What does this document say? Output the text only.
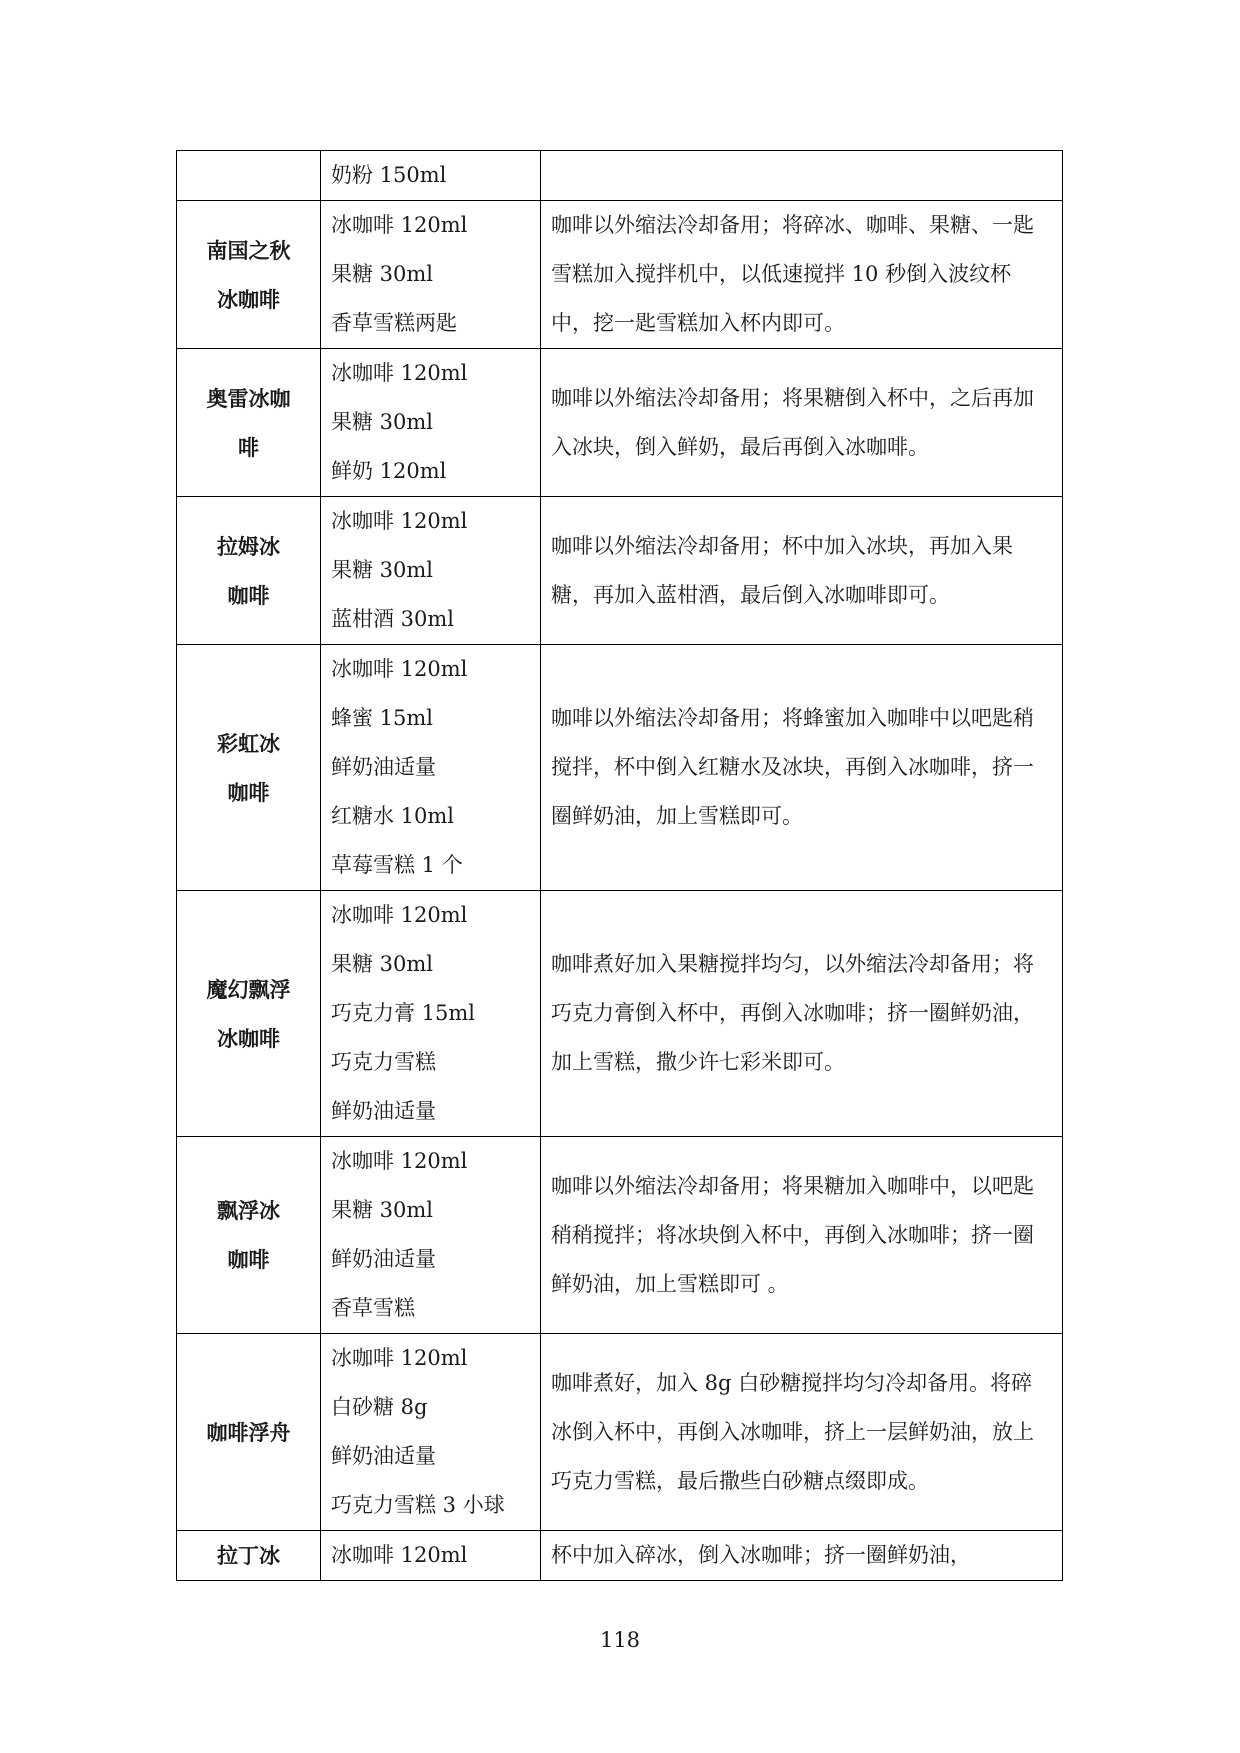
	奶粉 150ml	

南国之秋冰咖啡	冰咖啡 120ml
果糖 30ml
香草雪糕两匙	咖啡以外缩法冷却备用；将碎冰、咖啡、果糖、一匙雪糕加入搅拌机中，以低速搅拌 10 秒倒入波纹杯中，挖一匙雪糕加入杯内即可。

奥雷冰咖啡	冰咖啡 120ml
果糖 30ml
鲜奶 120ml	咖啡以外缩法冷却备用；将果糖倒入杯中，之后再加入冰块，倒入鲜奶，最后再倒入冰咖啡。

拉姆冰咖啡	冰咖啡 120ml
果糖 30ml
蓝柑酒 30ml	咖啡以外缩法冷却备用；杯中加入冰块，再加入果糖，再加入蓝柑酒，最后倒入冰咖啡即可。

彩虹冰咖啡	冰咖啡 120ml
蜂蜜 15ml
鲜奶油适量
红糖水 10ml
草莓雪糕 1 个	咖啡以外缩法冷却备用；将蜂蜜加入咖啡中以吧匙稍搅拌，杯中倒入红糖水及冰块，再倒入冰咖啡，挤一圈鲜奶油，加上雪糕即可。

魔幻飘浮冰咖啡	冰咖啡 120ml
果糖 30ml
巧克力膏 15ml
巧克力雪糕
鲜奶油适量	咖啡煮好加入果糖搅拌均匀，以外缩法冷却备用；将巧克力膏倒入杯中，再倒入冰咖啡；挤一圈鲜奶油，加上雪糕，撒少许七彩米即可。

飘浮冰咖啡	冰咖啡 120ml
果糖 30ml
鲜奶油适量
香草雪糕	咖啡以外缩法冷却备用；将果糖加入咖啡中，以吧匙稍稍搅拌；将冰块倒入杯中，再倒入冰咖啡；挤一圈鲜奶油，加上雪糕即可 。

咖啡浮舟	冰咖啡 120ml
白砂糖 8g
鲜奶油适量
巧克力雪糕 3 小球	咖啡煮好，加入 8g 白砂糖搅拌均匀冷却备用。将碎冰倒入杯中，再倒入冰咖啡，挤上一层鲜奶油，放上巧克力雪糕，最后撒些白砂糖点缀即成。

拉丁冰	冰咖啡 120ml	杯中加入碎冰，倒入冰咖啡；挤一圈鲜奶油，
118
